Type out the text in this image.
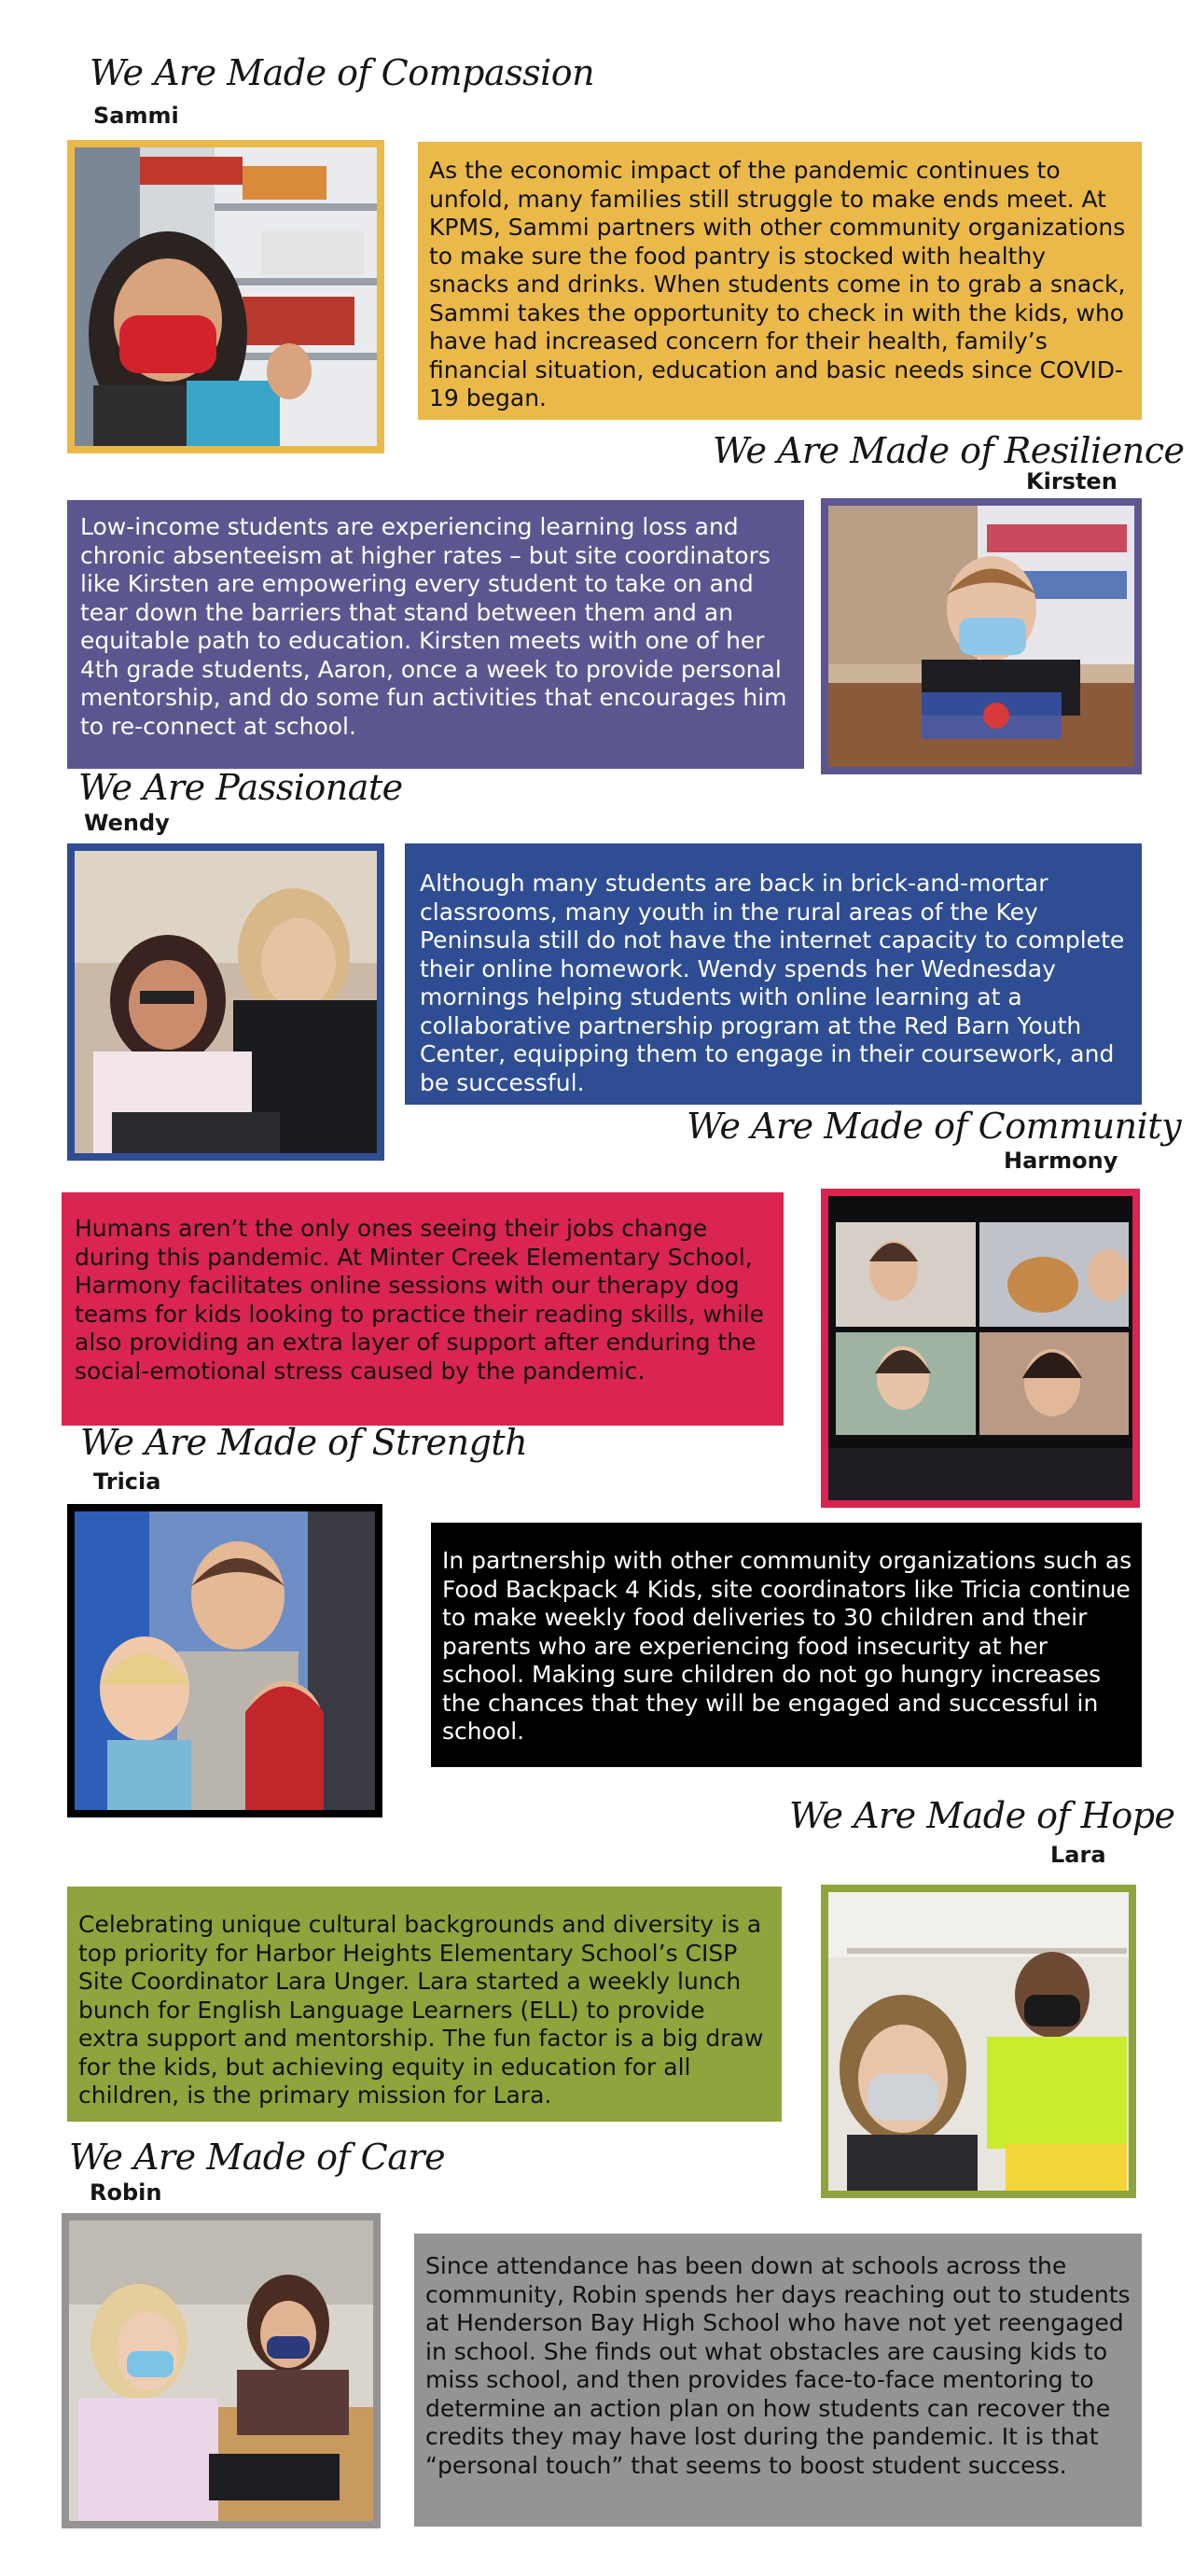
We Are Made of Compassion
Sammi

As the economic impact of the pandemic continues to unfold, many families still struggle to make ends meet. At KPMS, Sammi partners with other community organizations to make sure the food pantry is stocked with healthy snacks and drinks. When students come in to grab a snack, Sammi takes the opportunity to check in with the kids, who have had increased concern for their health, family’s financial situation, education and basic needs since COVID-19 began.

We Are Made of Resilience
Kirsten

Low-income students are experiencing learning loss and chronic absenteeism at higher rates – but site coordinators like Kirsten are empowering every student to take on and tear down the barriers that stand between them and an equitable path to education. Kirsten meets with one of her 4th grade students, Aaron, once a week to provide personal mentorship, and do some fun activities that encourages him to re-connect at school.

We Are Passionate
Wendy

Although many students are back in brick-and-mortar classrooms, many youth in the rural areas of the Key Peninsula still do not have the internet capacity to complete their online homework. Wendy spends her Wednesday mornings helping students with online learning at a collaborative partnership program at the Red Barn Youth Center, equipping them to engage in their coursework, and be successful.

We Are Made of Community
Harmony

Humans aren’t the only ones seeing their jobs change during this pandemic. At Minter Creek Elementary School, Harmony facilitates online sessions with our therapy dog teams for kids looking to practice their reading skills, while also providing an extra layer of support after enduring the social-emotional stress caused by the pandemic.

We Are Made of Strength
Tricia

In partnership with other community organizations such as Food Backpack 4 Kids, site coordinators like Tricia continue to make weekly food deliveries to 30 children and their parents who are experiencing food insecurity at her school. Making sure children do not go hungry increases the chances that they will be engaged and successful in school.

We Are Made of Hope
Lara

Celebrating unique cultural backgrounds and diversity is a top priority for Harbor Heights Elementary School’s CISP Site Coordinator Lara Unger. Lara started a weekly lunch bunch for English Language Learners (ELL) to provide extra support and mentorship. The fun factor is a big draw for the kids, but achieving equity in education for all children, is the primary mission for Lara.

We Are Made of Care
Robin

Since attendance has been down at schools across the community, Robin spends her days reaching out to students at Henderson Bay High School who have not yet reengaged in school. She finds out what obstacles are causing kids to miss school, and then provides face-to-face mentoring to determine an action plan on how students can recover the credits they may have lost during the pandemic. It is that “personal touch” that seems to boost student success.
